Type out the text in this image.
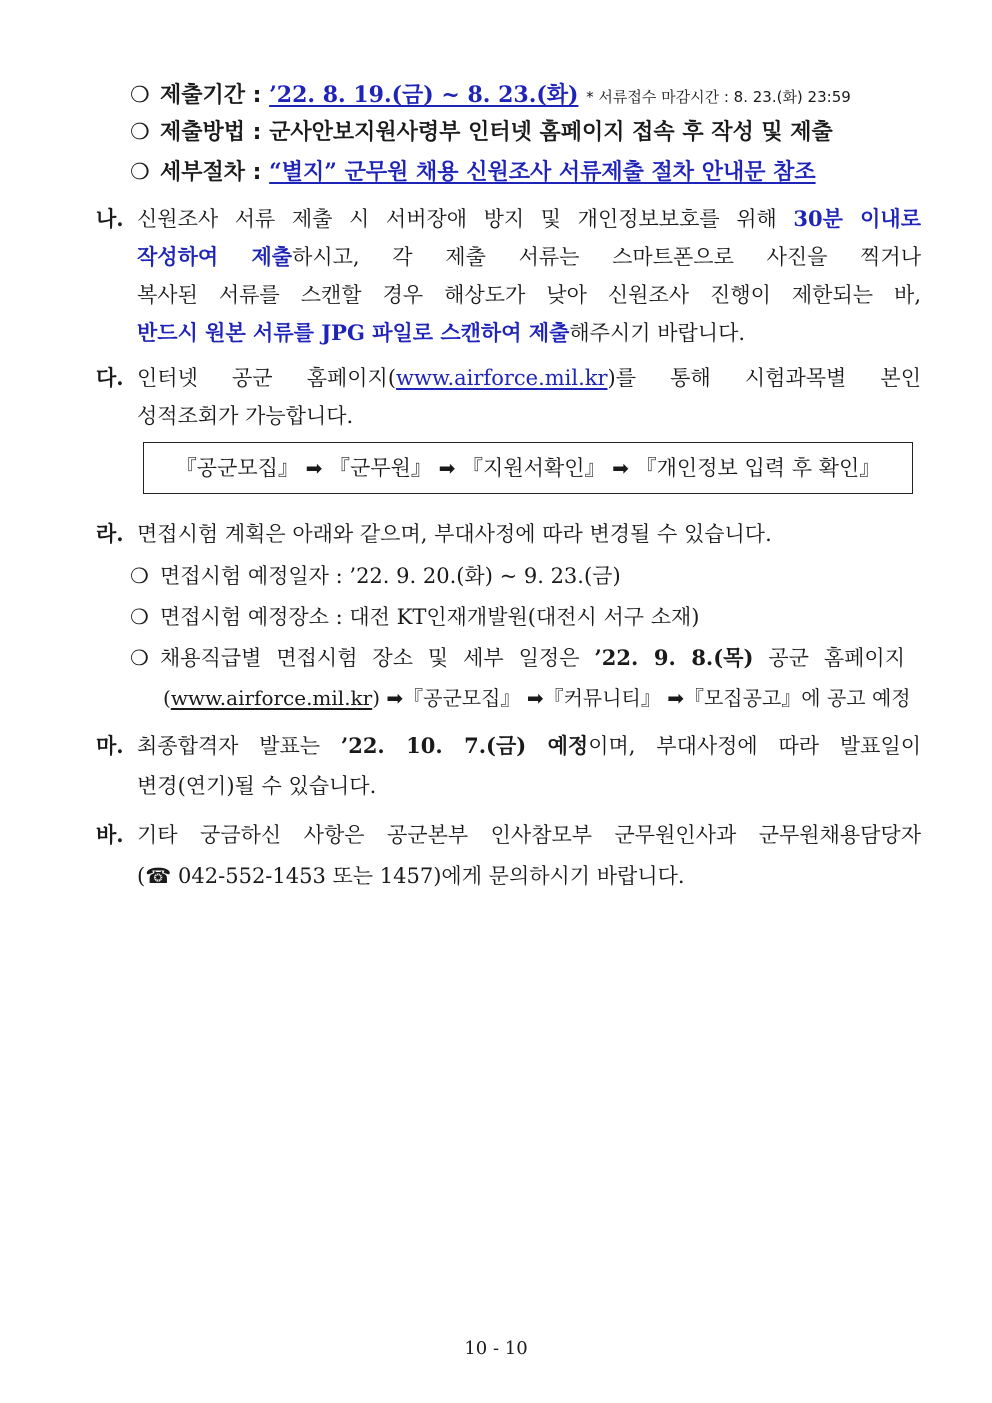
❍ 제출기간 : ’22. 8. 19.(금) ~ 8. 23.(화) * 서류접수 마감시간 : 8. 23.(화) 23:59
❍ 제출방법 : 군사안보지원사령부 인터넷 홈페이지 접속 후 작성 및 제출
❍ 세부절차 : “별지” 군무원 채용 신원조사 서류제출 절차 안내문 참조
나. 신원조사 서류 제출 시 서버장애 방지 및 개인정보보호를 위해 30분 이내로
작성하여 제출하시고, 각 제출 서류는 스마트폰으로 사진을 찍거나
복사된 서류를 스캔할 경우 해상도가 낮아 신원조사 진행이 제한되는 바,
반드시 원본 서류를 JPG 파일로 스캔하여 제출해주시기 바랍니다.
다. 인터넷 공군 홈페이지(www.airforce.mil.kr)를 통해 시험과목별 본인
성적조회가 가능합니다.
『공군모집』 ➡ 『군무원』 ➡ 『지원서확인』 ➡ 『개인정보 입력 후 확인』
라. 면접시험 계획은 아래와 같으며, 부대사정에 따라 변경될 수 있습니다.
❍ 면접시험 예정일자 : ’22. 9. 20.(화) ~ 9. 23.(금)
❍ 면접시험 예정장소 : 대전 KT인재개발원(대전시 서구 소재)
❍ 채용직급별 면접시험 장소 및 세부 일정은 ’22. 9. 8.(목) 공군 홈페이지
(www.airforce.mil.kr) ➡『공군모집』 ➡『커뮤니티』 ➡『모집공고』에 공고 예정
마. 최종합격자 발표는 ’22. 10. 7.(금) 예정이며, 부대사정에 따라 발표일이
변경(연기)될 수 있습니다.
바. 기타 궁금하신 사항은 공군본부 인사참모부 군무원인사과 군무원채용담당자
(☎ 042-552-1453 또는 1457)에게 문의하시기 바랍니다.
10 - 10
